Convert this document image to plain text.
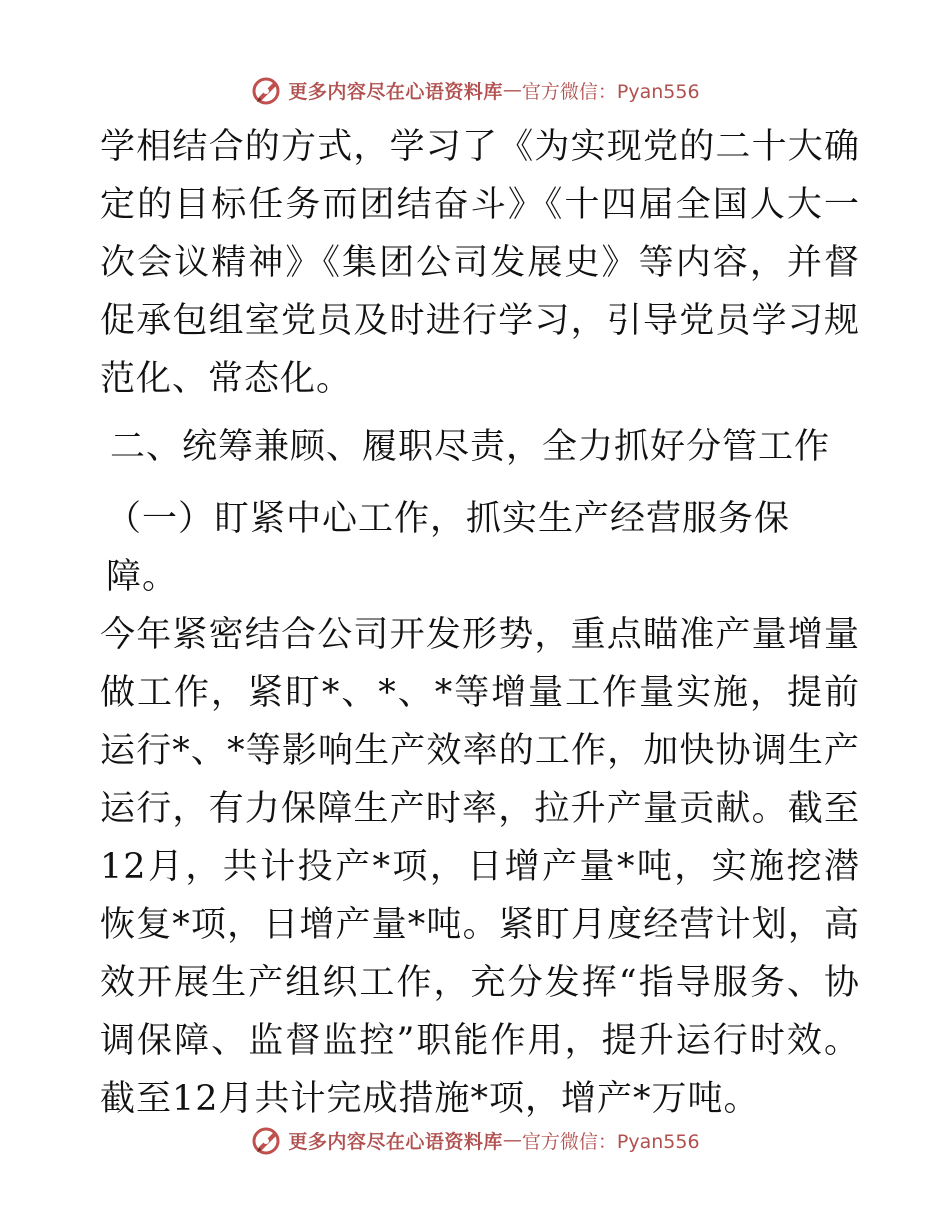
更多内容尽在心语资料库 — 官方微信：Pyan556

学相结合的方式，学习了《为实现党的二十大确定的目标任务而团结奋斗》《十四届全国人大一次会议精神》《集团公司发展史》等内容，并督促承包组室党员及时进行学习，引导党员学习规范化、常态化。

二、统筹兼顾、履职尽责，全力抓好分管工作

（一）盯紧中心工作，抓实生产经营服务保障。

今年紧密结合公司开发形势，重点瞄准产量增量做工作，紧盯*、*、*等增量工作量实施，提前运行*、*等影响生产效率的工作，加快协调生产运行，有力保障生产时率，拉升产量贡献。截至12月，共计投产*项，日增产量*吨，实施挖潜恢复*项，日增产量*吨。紧盯月度经营计划，高效开展生产组织工作，充分发挥“指导服务、协调保障、监督监控”职能作用，提升运行时效。截至12月共计完成措施*项，增产*万吨。

更多内容尽在心语资料库 — 官方微信：Pyan556
